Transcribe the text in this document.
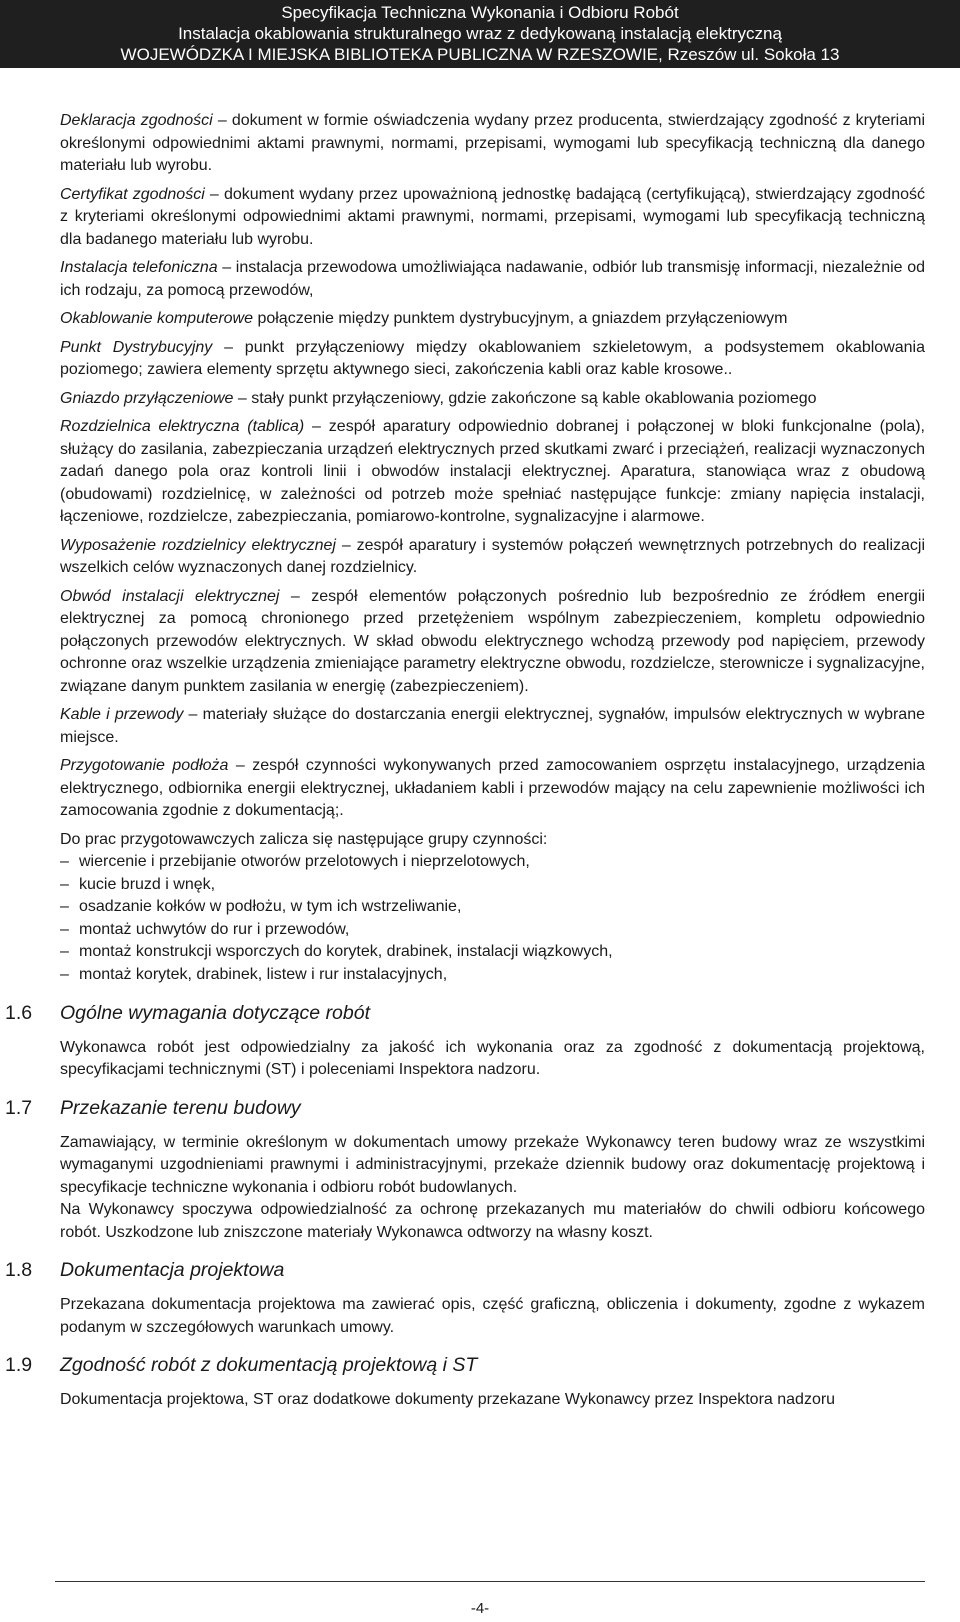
Specyfikacja Techniczna Wykonania i Odbioru Robót
Instalacja okablowania strukturalnego wraz z dedykowaną instalacją elektryczną
WOJEWÓDZKA I MIEJSKA BIBLIOTEKA PUBLICZNA W RZESZOWIE, Rzeszów ul. Sokoła 13

Deklaracja zgodności – dokument w formie oświadczenia wydany przez producenta, stwierdzający zgodność z kryteriami określonymi odpowiednimi aktami prawnymi, normami, przepisami, wymogami lub specyfikacją techniczną dla danego materiału lub wyrobu.

Certyfikat zgodności – dokument wydany przez upoważnioną jednostkę badającą (certyfikującą), stwierdzający zgodność z kryteriami określonymi odpowiednimi aktami prawnymi, normami, przepisami, wymogami lub specyfikacją techniczną dla badanego materiału lub wyrobu.

Instalacja telefoniczna – instalacja przewodowa umożliwiająca nadawanie, odbiór lub transmisję informacji, niezależnie od ich rodzaju, za pomocą przewodów,

Okablowanie komputerowe połączenie między punktem dystrybucyjnym, a gniazdem przyłączeniowym

Punkt Dystrybucyjny – punkt przyłączeniowy między okablowaniem szkieletowym, a podsystemem okablowania poziomego; zawiera elementy sprzętu aktywnego sieci, zakończenia kabli oraz kable krosowe..

Gniazdo przyłączeniowe – stały punkt przyłączeniowy, gdzie zakończone są kable okablowania poziomego

Rozdzielnica elektryczna (tablica) – zespół aparatury odpowiednio dobranej i połączonej w bloki funkcjonalne (pola), służący do zasilania, zabezpieczania urządzeń elektrycznych przed skutkami zwarć i przeciążeń, realizacji wyznaczonych zadań danego pola oraz kontroli linii i obwodów instalacji elektrycznej. Aparatura, stanowiąca wraz z obudową (obudowami) rozdzielnicę, w zależności od potrzeb może spełniać następujące funkcje: zmiany napięcia instalacji, łączeniowe, rozdzielcze, zabezpieczania, pomiarowo-kontrolne, sygnalizacyjne i alarmowe.

Wyposażenie rozdzielnicy elektrycznej – zespół aparatury i systemów połączeń wewnętrznych potrzebnych do realizacji wszelkich celów wyznaczonych danej rozdzielnicy.

Obwód instalacji elektrycznej – zespół elementów połączonych pośrednio lub bezpośrednio ze źródłem energii elektrycznej za pomocą chronionego przed przetężeniem wspólnym zabezpieczeniem, kompletu odpowiednio połączonych przewodów elektrycznych. W skład obwodu elektrycznego wchodzą przewody pod napięciem, przewody ochronne oraz wszelkie urządzenia zmieniające parametry elektryczne obwodu, rozdzielcze, sterownicze i sygnalizacyjne, związane danym punktem zasilania w energię (zabezpieczeniem).

Kable i przewody – materiały służące do dostarczania energii elektrycznej, sygnałów, impulsów elektrycznych w wybrane miejsce.

Przygotowanie podłoża – zespół czynności wykonywanych przed zamocowaniem osprzętu instalacyjnego, urządzenia elektrycznego, odbiornika energii elektrycznej, układaniem kabli i przewodów mający na celu zapewnienie możliwości ich zamocowania zgodnie z dokumentacją;.

Do prac przygotowawczych zalicza się następujące grupy czynności:

– wiercenie i przebijanie otworów przelotowych i nieprzelotowych,
– kucie bruzd i wnęk,
– osadzanie kołków w podłożu, w tym ich wstrzeliwanie,
– montaż uchwytów do rur i przewodów,
– montaż konstrukcji wsporczych do korytek, drabinek, instalacji wiązkowych,
– montaż korytek, drabinek, listew i rur instalacyjnych,
1.6 Ogólne wymagania dotyczące robót

Wykonawca robót jest odpowiedzialny za jakość ich wykonania oraz za zgodność z dokumentacją projektową, specyfikacjami technicznymi (ST) i poleceniami Inspektora nadzoru.

1.7 Przekazanie terenu budowy

Zamawiający, w terminie określonym w dokumentach umowy przekaże Wykonawcy teren budowy wraz ze wszystkimi wymaganymi uzgodnieniami prawnymi i administracyjnymi, przekaże dziennik budowy oraz dokumentację projektową i specyfikacje techniczne wykonania i odbioru robót budowlanych.

Na Wykonawcy spoczywa odpowiedzialność za ochronę przekazanych mu materiałów do chwili odbioru końcowego robót. Uszkodzone lub zniszczone materiały Wykonawca odtworzy na własny koszt.

1.8 Dokumentacja projektowa

Przekazana dokumentacja projektowa ma zawierać opis, część graficzną, obliczenia i dokumenty, zgodne z wykazem podanym w szczegółowych warunkach umowy.

1.9 Zgodność robót z dokumentacją projektową i ST

Dokumentacja projektowa, ST oraz dodatkowe dokumenty przekazane Wykonawcy przez Inspektora nadzoru

-4-
